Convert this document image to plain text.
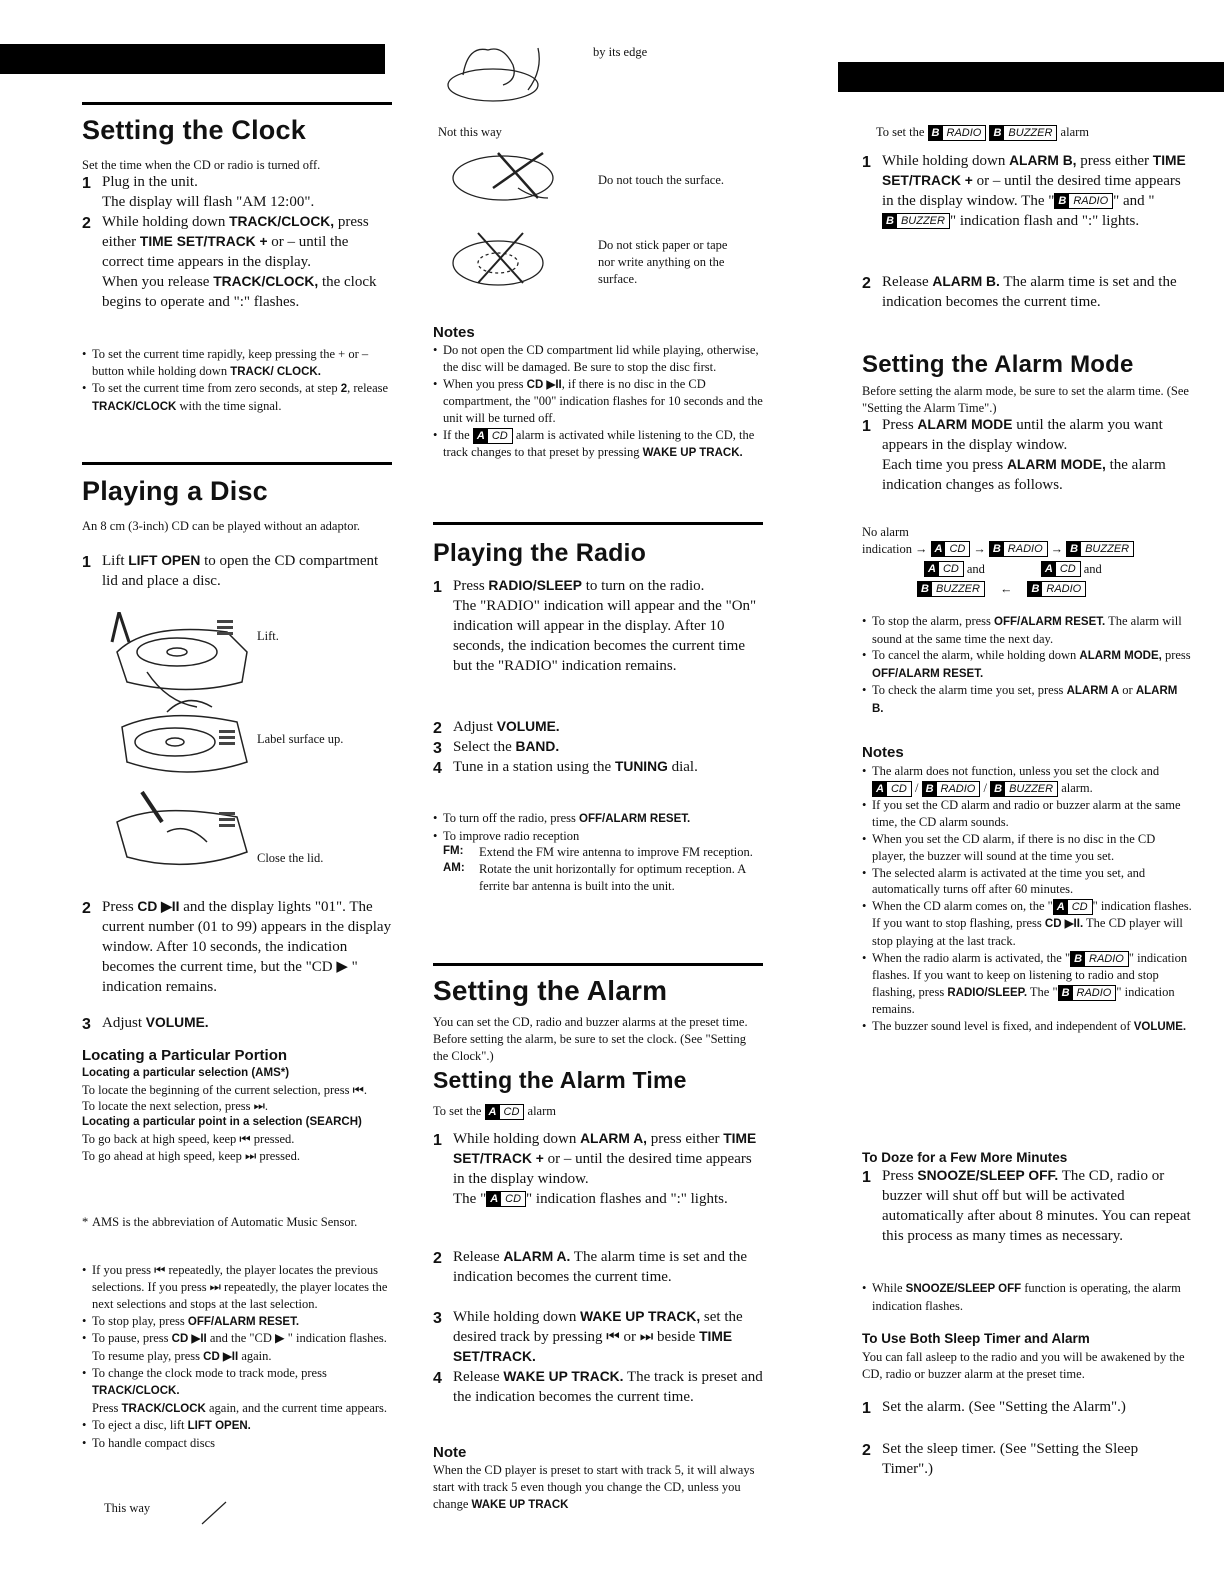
Setting the Clock
Set the time when the CD or radio is turned off.
1 Plug in the unit.
The display will flash "AM 12:00".
2 While holding down TRACK/CLOCK, press either TIME SET/TRACK + or – until the correct time appears in the display.
When you release TRACK/CLOCK, the clock begins to operate and ":" flashes.
• To set the current time rapidly, keep pressing the + or – button while holding down TRACK/ CLOCK.
• To set the current time from zero seconds, at step 2, release TRACK/CLOCK with the time signal.
Playing a Disc
An 8 cm (3-inch) CD can be played without an adaptor.
1 Lift LIFT OPEN to open the CD compartment lid and place a disc.
Lift.
Label surface up.
Close the lid.
2 Press CD ▶II and the display lights "01". The current number (01 to 99) appears in the display window. After 10 seconds, the indication becomes the current time, but the "CD ▶ " indication remains.
3 Adjust VOLUME.
Locating a Particular Portion
Locating a particular selection (AMS*)
To locate the beginning of the current selection, press ⏮.
To locate the next selection, press ⏭.
Locating a particular point in a selection (SEARCH)
To go back at high speed, keep ⏮ pressed.
To go ahead at high speed, keep ⏭ pressed.
* AMS is the abbreviation of Automatic Music Sensor.
• If you press ⏮ repeatedly, the player locates the previous selections. If you press ⏭ repeatedly, the player locates the next selections and stops at the last selection.
• To stop play, press OFF/ALARM RESET.
• To pause, press CD ▶II and the "CD ▶ " indication flashes. To resume play, press CD ▶II again.
• To change the clock mode to track mode, press TRACK/CLOCK.
Press TRACK/CLOCK again, and the current time appears.
• To eject a disc, lift LIFT OPEN.
• To handle compact discs
This way
by its edge
Not this way
Do not touch the surface.
Do not stick paper or tape nor write anything on the surface.
Notes
• Do not open the CD compartment lid while playing, otherwise, the disc will be damaged. Be sure to stop the disc first.
• When you press CD ▶II, if there is no disc in the CD compartment, the "00" indication flashes for 10 seconds and the unit will be turned off.
• If the A CD alarm is activated while listening to the CD, the track changes to that preset by pressing WAKE UP TRACK.
Playing the Radio
1 Press RADIO/SLEEP to turn on the radio.
The "RADIO" indication will appear and the "On" indication will appear in the display. After 10 seconds, the indication becomes the current time but the "RADIO" indication remains.
2 Adjust VOLUME.
3 Select the BAND.
4 Tune in a station using the TUNING dial.
• To turn off the radio, press OFF/ALARM RESET.
• To improve radio reception
FM:	Extend the FM wire antenna to improve FM reception.
AM:	Rotate the unit horizontally for optimum reception. A ferrite bar antenna is built into the unit.
Setting the Alarm
You can set the CD, radio and buzzer alarms at the preset time. Before setting the alarm, be sure to set the clock. (See "Setting the Clock".)
Setting the Alarm Time
To set the A CD alarm
1 While holding down ALARM A, press either TIME SET/TRACK + or – until the desired time appears in the display window.
The " A CD " indication flashes and ":" lights.
2 Release ALARM A. The alarm time is set and the indication becomes the current time.
3 While holding down WAKE UP TRACK, set the desired track by pressing ⏮ or ⏭ beside TIME SET/TRACK.
4 Release WAKE UP TRACK. The track is preset and the indication becomes the current time.
Note
When the CD player is preset to start with track 5, it will always start with track 5 even though you change the CD, unless you change WAKE UP TRACK
To set the B RADIO
	B BUZZER alarm
1 While holding down ALARM B, press either TIME SET/TRACK + or – until the desired time appears in the display window. The " B RADIO " and "
B BUZZER " indication flash and ":" lights.
2 Release ALARM B. The alarm time is set and the indication becomes the current time.
Setting the Alarm Mode
Before setting the alarm mode, be sure to set the alarm time. (See "Setting the Alarm Time".)
1 Press ALARM MODE until the alarm you want appears in the display window.
Each time you press ALARM MODE, the alarm indication changes as follows.
No alarm
indication → A CD → B RADIO → B BUZZER
A CD and	A CD and
B BUZZER	←	B RADIO
• To stop the alarm, press OFF/ALARM RESET. The alarm will sound at the same time the next day.
• To cancel the alarm, while holding down ALARM MODE, press OFF/ALARM RESET.
• To check the alarm time you set, press ALARM A or ALARM B.
Notes
• The alarm does not function, unless you set the clock and
A CD / B RADIO / B BUZZER alarm.
• If you set the CD alarm and radio or buzzer alarm at the same time, the CD alarm sounds.
• When you set the CD alarm, if there is no disc in the CD player, the buzzer will sound at the time you set.
• The selected alarm is activated at the time you set, and automatically turns off after 60 minutes.
• When the CD alarm comes on, the " A CD " indication flashes.
If you want to stop flashing, press CD ▶II. The CD player will stop playing at the last track.
• When the radio alarm is activated, the " B RADIO " indication flashes. If you want to keep on listening to radio and stop flashing, press RADIO/SLEEP. The " B RADIO " indication remains.
• The buzzer sound level is fixed, and independent of VOLUME.
To Doze for a Few More Minutes
1 Press SNOOZE/SLEEP OFF. The CD, radio or buzzer will shut off but will be activated automatically after about 8 minutes. You can repeat this process as many times as necessary.
• While SNOOZE/SLEEP OFF function is operating, the alarm indication flashes.
To Use Both Sleep Timer and Alarm
You can fall asleep to the radio and you will be awakened by the CD, radio or buzzer alarm at the preset time.
1 Set the alarm. (See "Setting the Alarm".)
2 Set the sleep timer. (See "Setting the Sleep Timer".)
